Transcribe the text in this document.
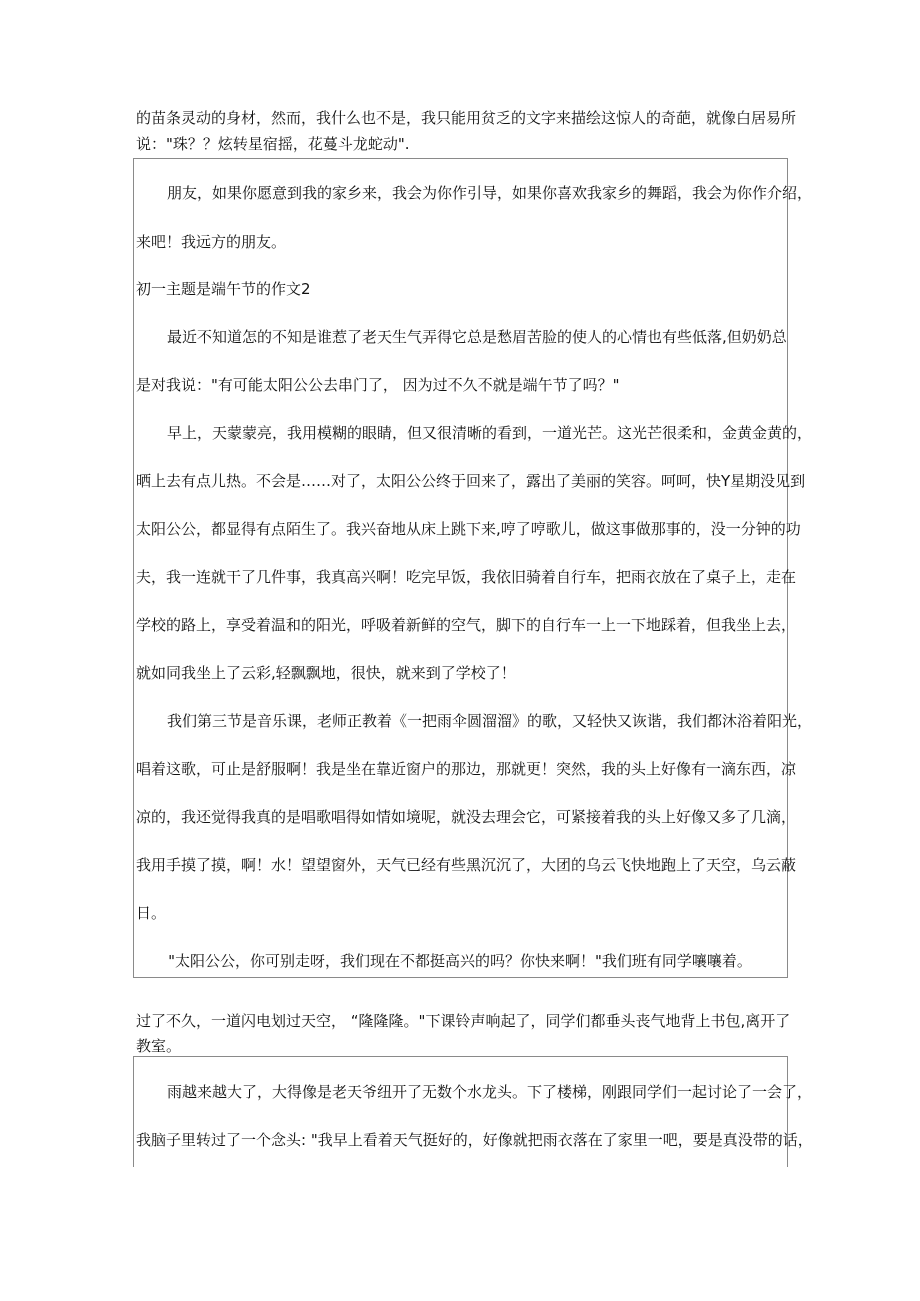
的苗条灵动的身材，然而，我什么也不是，我只能用贫乏的文字来描绘这惊人的奇葩，就像白居易所
说："珠？？炫转星宿摇，花蔓斗龙蛇动".
朋友，如果你愿意到我的家乡来，我会为你作引导，如果你喜欢我家乡的舞蹈，我会为你作介绍，
来吧！我远方的朋友。
初一主题是端午节的作文2
最近不知道怎的不知是谁惹了老天生气弄得它总是愁眉苦脸的使人的心情也有些低落,但奶奶总
是对我说："有可能太阳公公去串门了， 因为过不久不就是端午节了吗？"
早上，天蒙蒙亮，我用模糊的眼睛，但又很清晰的看到，一道光芒。这光芒很柔和，金黄金黄的，
晒上去有点儿热。不会是……对了，太阳公公终于回来了，露出了美丽的笑容。呵呵，快Y星期没见到
太阳公公，都显得有点陌生了。我兴奋地从床上跳下来,哼了哼歌儿，做这事做那事的，没一分钟的功
夫，我一连就干了几件事，我真高兴啊！吃完早饭，我依旧骑着自行车，把雨衣放在了桌子上，走在
学校的路上，享受着温和的阳光，呼吸着新鲜的空气，脚下的自行车一上一下地踩着，但我坐上去，
就如同我坐上了云彩,轻飘飘地，很快，就来到了学校了！
我们第三节是音乐课，老师正教着《一把雨伞圆溜溜》的歌，又轻快又诙谐，我们都沐浴着阳光，
唱着这歌，可止是舒服啊！我是坐在靠近窗户的那边，那就更！突然，我的头上好像有一滴东西，凉
凉的，我还觉得我真的是唱歌唱得如情如境呢，就没去理会它，可紧接着我的头上好像又多了几滴，
我用手摸了摸，啊！水！望望窗外，天气已经有些黑沉沉了，大团的乌云飞快地跑上了天空，乌云蔽
日。
"太阳公公，你可别走呀，我们现在不都挺高兴的吗？你快来啊！"我们班有同学嚷嚷着。
过了不久，一道闪电划过天空， “隆隆隆。"下课铃声响起了，同学们都垂头丧气地背上书包,离开了
教室。
雨越来越大了，大得像是老天爷纽开了无数个水龙头。下了楼梯，刚跟同学们一起讨论了一会了，
我脑子里转过了一个念头: "我早上看着天气挺好的，好像就把雨衣落在了家里一吧，要是真没带的话，
